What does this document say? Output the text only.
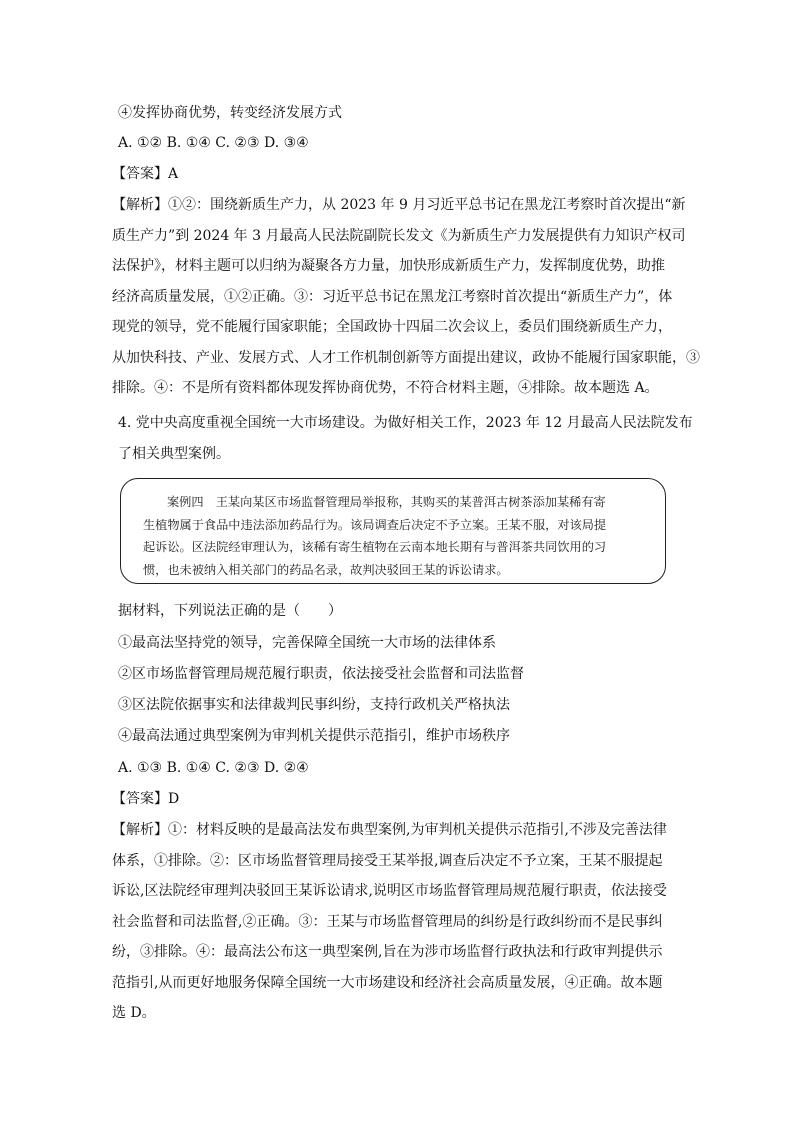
④发挥协商优势，转变经济发展方式
A. ①② B. ①④ C. ②③ D. ③④
【答案】A
【解析】①②：围绕新质生产力，从 2023 年 9 月习近平总书记在黑龙江考察时首次提出“新
质生产力”到 2024 年 3 月最高人民法院副院长发文《为新质生产力发展提供有力知识产权司
法保护》，材料主题可以归纳为凝聚各方力量，加快形成新质生产力，发挥制度优势，助推
经济高质量发展，①②正确。③：习近平总书记在黑龙江考察时首次提出“新质生产力”，体
现党的领导，党不能履行国家职能；全国政协十四届二次会议上，委员们围绕新质生产力，
从加快科技、产业、发展方式、人才工作机制创新等方面提出建议，政协不能履行国家职能，③
排除。④：不是所有资料都体现发挥协商优势，不符合材料主题，④排除。故本题选 A。
4. 党中央高度重视全国统一大市场建设。为做好相关工作，2023 年 12 月最高人民法院发布
了相关典型案例。
案例四　王某向某区市场监督管理局举报称，其购买的某普洱古树茶添加某稀有寄
生植物属于食品中违法添加药品行为。该局调查后决定不予立案。王某不服，对该局提
起诉讼。区法院经审理认为，该稀有寄生植物在云南本地长期有与普洱茶共同饮用的习
惯，也未被纳入相关部门的药品名录，故判决驳回王某的诉讼请求。
据材料，下列说法正确的是（　　）
①最高法坚持党的领导，完善保障全国统一大市场的法律体系
②区市场监督管理局规范履行职责，依法接受社会监督和司法监督
③区法院依据事实和法律裁判民事纠纷，支持行政机关严格执法
④最高法通过典型案例为审判机关提供示范指引，维护市场秩序
A. ①③ B. ①④ C. ②③ D. ②④
【答案】D
【解析】①：材料反映的是最高法发布典型案例,为审判机关提供示范指引,不涉及完善法律
体系，①排除。②：区市场监督管理局接受王某举报,调查后决定不予立案，王某不服提起
诉讼,区法院经审理判决驳回王某诉讼请求,说明区市场监督管理局规范履行职责，依法接受
社会监督和司法监督,②正确。③：王某与市场监督管理局的纠纷是行政纠纷而不是民事纠
纷，③排除。④：最高法公布这一典型案例,旨在为涉市场监督行政执法和行政审判提供示
范指引,从而更好地服务保障全国统一大市场建设和经济社会高质量发展，④正确。故本题
选 D。
